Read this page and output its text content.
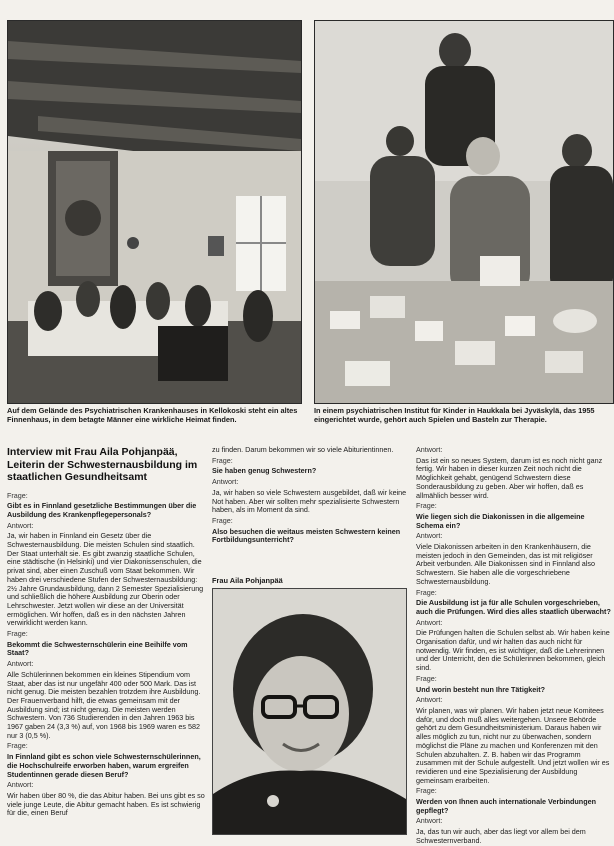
Auf dem Gelände des Psychiatrischen Krankenhauses in Kellokoski steht ein altes Finnenhaus, in dem betagte Männer eine wirkliche Heimat finden.
In einem psychiatrischen Institut für Kinder in Haukkala bei Jyväskylä, das 1955 eingerichtet wurde, gehört auch Spielen und Basteln zur Therapie.
Interview mit Frau Aila Pohjanpää, Leiterin der Schwesternausbildung im staatlichen Gesundheitsamt

Frage:

Gibt es in Finnland gesetzliche Bestimmungen über die Ausbildung des Krankenpflegepersonals?

Antwort:

Ja, wir haben in Finnland ein Gesetz über die Schwesternausbildung. Die meisten Schulen sind staatlich. Der Staat unterhält sie. Es gibt zwanzig staatliche Schulen, eine städtische (in Helsinki) und vier Diakonissenschulen, die privat sind, aber einen Zuschuß vom Staat bekommen. Wir haben drei verschiedene Stufen der Schwesternausbildung: 2½ Jahre Grundausbildung, dann 2 Semester Spezialisierung und schließlich die höhere Ausbildung zur Oberin oder Lehrschwester. Jetzt wollen wir diese an der Universität ermöglichen. Wir hoffen, daß es in den nächsten Jahren verwirklicht werden kann.

Frage:

Bekommt die Schwesternschülerin eine Beihilfe vom Staat?

Antwort:

Alle Schülerinnen bekommen ein kleines Stipendium vom Staat, aber das ist nur ungefähr 400 oder 500 Mark. Das ist nicht genug. Die meisten bezahlen trotzdem ihre Ausbildung. Der Frauenverband hilft, die etwas gemeinsam mit der Ausbildung sind; ist nicht genug. Die meisten werden Schwestern. Von 736 Studierenden in den Jahren 1963 bis 1967 gaben 24 (3,3 %) auf, von 1968 bis 1969 waren es 582 nur 3 (0,5 %).

Frage:

In Finnland gibt es schon viele Schwesternschülerinnen, die Hochschulreife erworben haben, warum ergreifen Studentinnen gerade diesen Beruf?

Antwort:

Wir haben über 80 %, die das Abitur haben. Bei uns gibt es so viele junge Leute, die Abitur gemacht haben. Es ist schwierig für die, einen Beruf

zu finden. Darum bekommen wir so viele Abiturientinnen.

Frage:

Sie haben genug Schwestern?

Antwort:

Ja, wir haben so viele Schwestern ausgebildet, daß wir keine Not haben. Aber wir sollten mehr spezialisierte Schwestern haben, als im Moment da sind.

Frage:

Also besuchen die weitaus meisten Schwestern keinen Fortbildungsunterricht?

Frau Aila Pohjanpää

Antwort:

Das ist ein so neues System, darum ist es noch nicht ganz fertig. Wir haben in dieser kurzen Zeit noch nicht die Möglichkeit gehabt, genügend Schwestern diese Sonderausbildung zu geben. Aber wir hoffen, daß es allmählich besser wird.

Frage:

Wie liegen sich die Diakonissen in die allgemeine Schema ein?

Antwort:

Viele Diakonissen arbeiten in den Krankenhäusern, die meisten jedoch in den Gemeinden, das ist mit religiöser Arbeit verbunden. Alle Diakonissen sind in Finnland also Schwestern. Sie haben alle die vorgeschriebene Schwesternausbildung.

Frage:

Die Ausbildung ist ja für alle Schulen vorgeschrieben, auch die Prüfungen. Wird dies alles staatlich überwacht?

Antwort:

Die Prüfungen halten die Schulen selbst ab. Wir haben keine Organisation dafür, und wir halten das auch nicht für notwendig. Wir finden, es ist wichtiger, daß die Lehrerinnen und der Unterricht, den die Schülerinnen bekommen, gleich sind.

Frage:

Und worin besteht nun Ihre Tätigkeit?

Antwort:

Wir planen, was wir planen. Wir haben jetzt neue Komitees dafür, und doch muß alles weitergehen. Unsere Behörde gehört zu dem Gesundheitsministerium. Daraus haben wir alles möglich zu tun, nicht nur zu überwachen, sondern möglichst die Pläne zu machen und Konferenzen mit den Schulen abzuhalten. Z. B. haben wir das Programm zusammen mit der Schule aufgestellt. Und jetzt wollen wir es revidieren und eine Spezialisierung der Ausbildung gemeinsam erarbeiten.

Frage:

Werden von Ihnen auch internationale Verbindungen gepflegt?

Antwort:

Ja, das tun wir auch, aber das liegt vor allem bei dem Schwesternverband.
